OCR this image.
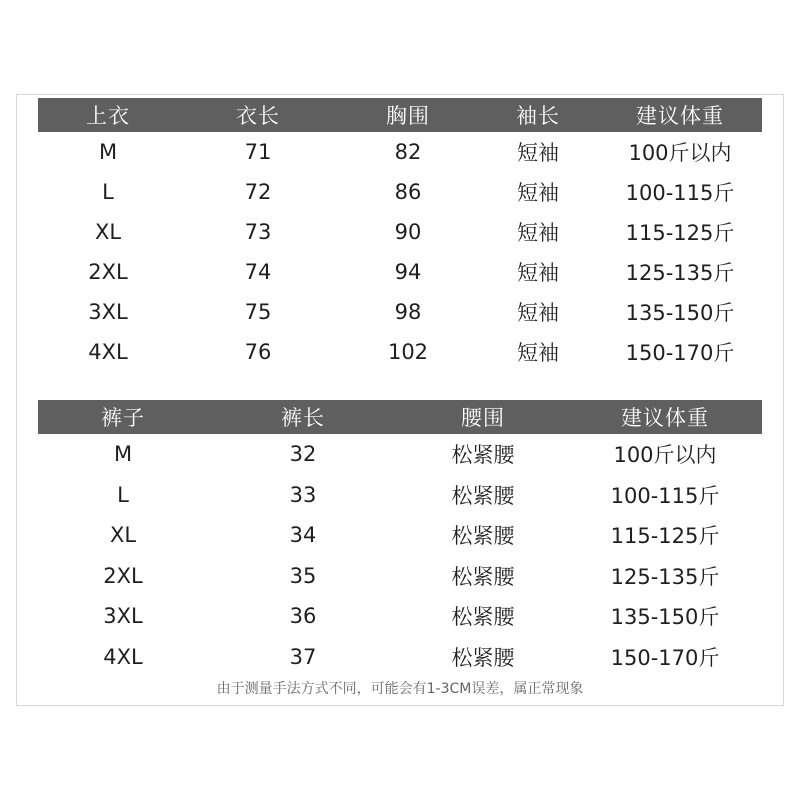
上衣	衣长	胸围	袖长	建议体重
M	71	82	短袖	100斤以内
L	72	86	短袖	100-115斤
XL	73	90	短袖	115-125斤
2XL	74	94	短袖	125-135斤
3XL	75	98	短袖	135-150斤
4XL	76	102	短袖	150-170斤
裤子	裤长	腰围	建议体重
M	32	松紧腰	100斤以内
L	33	松紧腰	100-115斤
XL	34	松紧腰	115-125斤
2XL	35	松紧腰	125-135斤
3XL	36	松紧腰	135-150斤
4XL	37	松紧腰	150-170斤
由于测量手法方式不同，可能会有1-3CM误差，属正常现象
